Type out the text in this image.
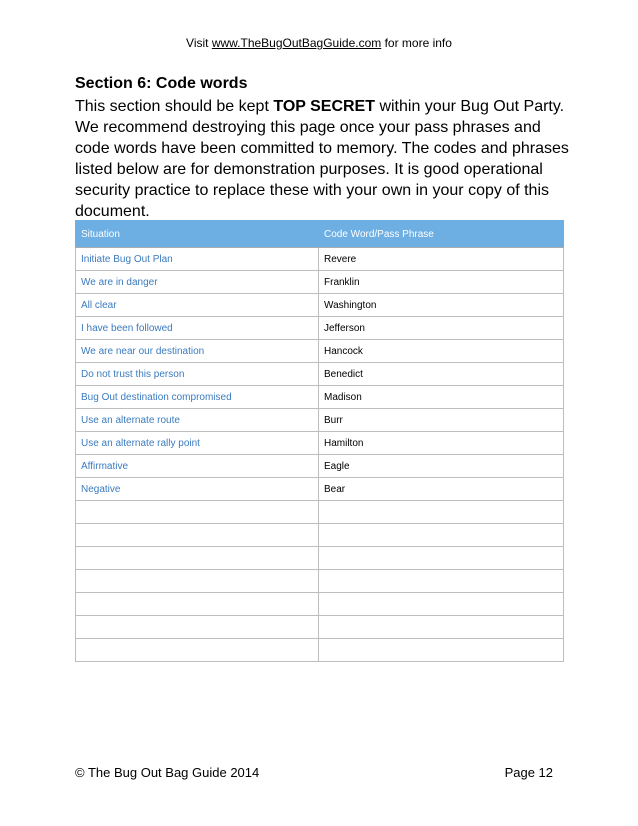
Visit www.TheBugOutBagGuide.com for more info
Section 6: Code words

This section should be kept TOP SECRET within your Bug Out Party. We recommend destroying this page once your pass phrases and code words have been committed to memory. The codes and phrases listed below are for demonstration purposes. It is good operational security practice to replace these with your own in your copy of this document.

Situation	Code Word/Pass Phrase
Initiate Bug Out Plan	Revere
We are in danger	Franklin
All clear	Washington
I have been followed	Jefferson
We are near our destination	Hancock
Do not trust this person	Benedict
Bug Out destination compromised	Madison
Use an alternate route	Burr
Use an alternate rally point	Hamilton
Affirmative	Eagle
Negative	Bear

© The Bug Out Bag Guide 2014	Page 12
